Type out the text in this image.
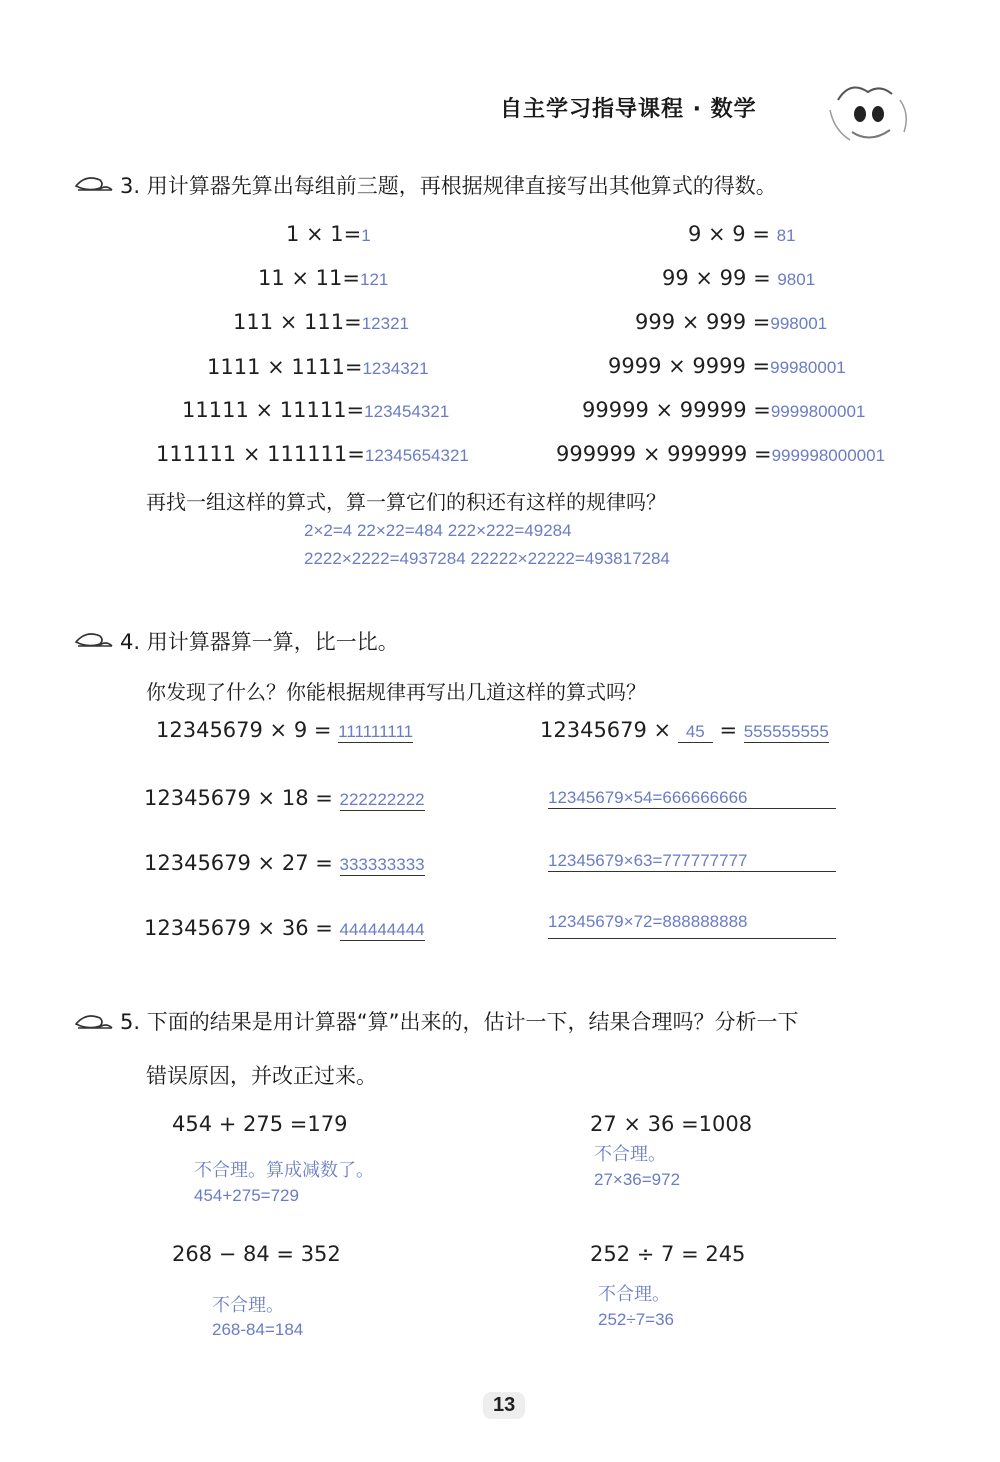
自主学习指导课程 · 数学
3. 用计算器先算出每组前三题，再根据规律直接写出其他算式的得数。
1 × 1=1
11 × 11=121
111 × 111=12321
1111 × 1111=1234321
11111 × 11111=123454321
111111 × 111111=12345654321
9 × 9 = 81
99 × 99 = 9801
999 × 999 =998001
9999 × 9999 =99980001
99999 × 99999 =9999800001
999999 × 999999 =999998000001
再找一组这样的算式，算一算它们的积还有这样的规律吗？
2×2=4 22×22=484 222×222=49284
2222×2222=4937284 22222×22222=493817284
4. 用计算器算一算，比一比。
你发现了什么？你能根据规律再写出几道这样的算式吗？
12345679 × 9 = 111111111
12345679 × 18 = 222222222
12345679 × 27 = 333333333
12345679 × 36 = 444444444
12345679 × 45 = 555555555
12345679×54=666666666
12345679×63=777777777
12345679×72=888888888
5. 下面的结果是用计算器“算”出来的，估计一下，结果合理吗？分析一下
错误原因，并改正过来。
454 + 275 =179
不合理。算成减数了。
454+275=729
27 × 36 =1008
不合理。
27×36=972
268 − 84 = 352
不合理。
268-84=184
252 ÷ 7 = 245
不合理。
252÷7=36
13
